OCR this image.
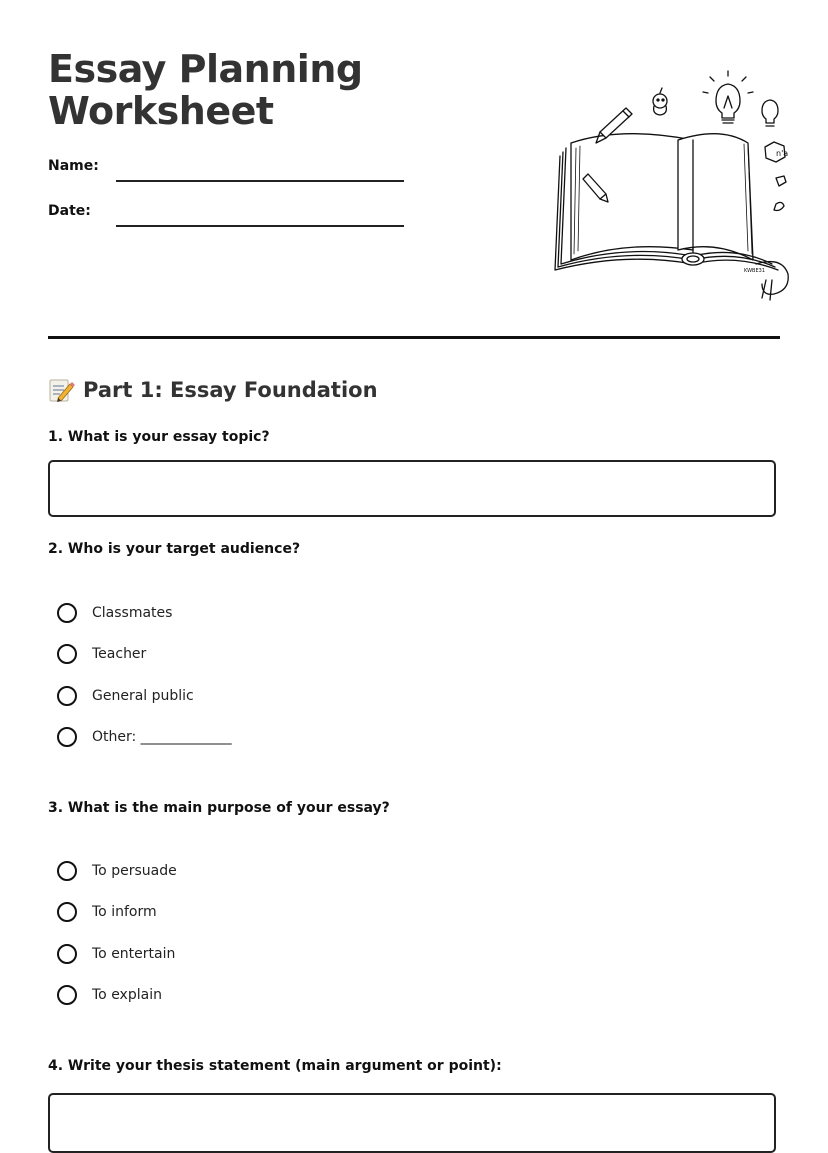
Essay Planning
Worksheet
Name:
Date:
n'a
KWBE31
Part 1: Essay Foundation
1. What is your essay topic?
2. Who is your target audience?
Classmates
Teacher
General public
Other: _____________
3. What is the main purpose of your essay?
To persuade
To inform
To entertain
To explain
4. Write your thesis statement (main argument or point):
